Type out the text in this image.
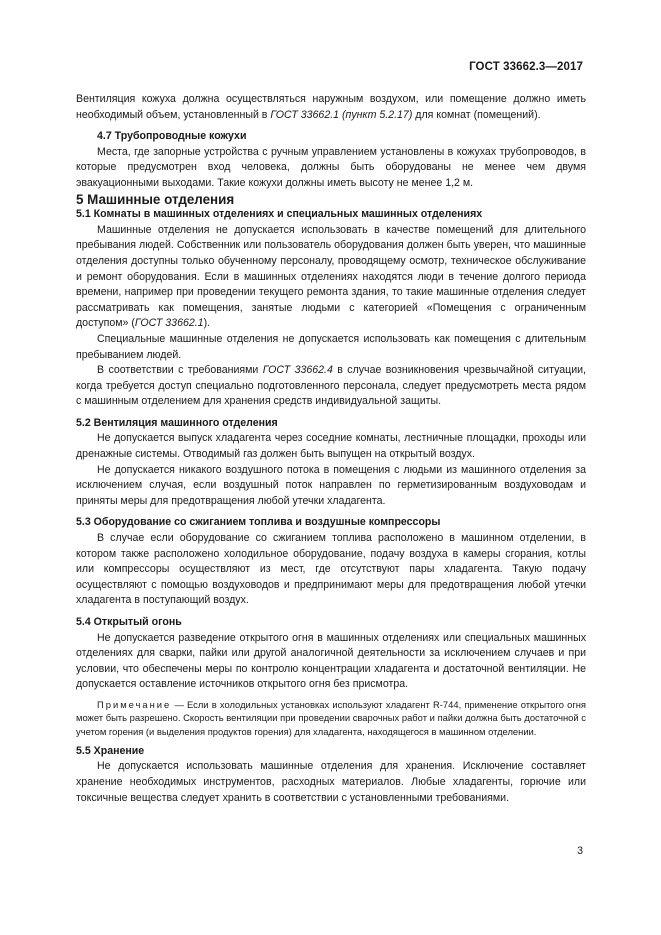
ГОСТ 33662.3—2017

Вентиляция кожуха должна осуществляться наружным воздухом, или помещение должно иметь необходимый объем, установленный в ГОСТ 33662.1 (пункт 5.2.17) для комнат (помещений).

4.7 Трубопроводные кожухи

Места, где запорные устройства с ручным управлением установлены в кожухах трубопроводов, в которые предусмотрен вход человека, должны быть оборудованы не менее чем двумя эвакуационными выходами. Такие кожухи должны иметь высоту не менее 1,2 м.

5 Машинные отделения

5.1 Комнаты в машинных отделениях и специальных машинных отделениях

Машинные отделения не допускается использовать в качестве помещений для длительного пребывания людей. Собственник или пользователь оборудования должен быть уверен, что машинные отделения доступны только обученному персоналу, проводящему осмотр, техническое обслуживание и ремонт оборудования. Если в машинных отделениях находятся люди в течение долгого периода времени, например при проведении текущего ремонта здания, то такие машинные отделения следует рассматривать как помещения, занятые людьми с категорией «Помещения с ограниченным доступом» (ГОСТ 33662.1).

Специальные машинные отделения не допускается использовать как помещения с длительным пребыванием людей.

В соответствии с требованиями ГОСТ 33662.4 в случае возникновения чрезвычайной ситуации, когда требуется доступ специально подготовленного персонала, следует предусмотреть места рядом с машинным отделением для хранения средств индивидуальной защиты.

5.2 Вентиляция машинного отделения

Не допускается выпуск хладагента через соседние комнаты, лестничные площадки, проходы или дренажные системы. Отводимый газ должен быть выпущен на открытый воздух.

Не допускается никакого воздушного потока в помещения с людьми из машинного отделения за исключением случая, если воздушный поток направлен по герметизированным воздуховодам и приняты меры для предотвращения любой утечки хладагента.

5.3 Оборудование со сжиганием топлива и воздушные компрессоры

В случае если оборудование со сжиганием топлива расположено в машинном отделении, в котором также расположено холодильное оборудование, подачу воздуха в камеры сгорания, котлы или компрессоры осуществляют из мест, где отсутствуют пары хладагента. Такую подачу осуществляют с помощью воздуховодов и предпринимают меры для предотвращения любой утечки хладагента в поступающий воздух.

5.4 Открытый огонь

Не допускается разведение открытого огня в машинных отделениях или специальных машинных отделениях для сварки, пайки или другой аналогичной деятельности за исключением случаев и при условии, что обеспечены меры по контролю концентрации хладагента и достаточной вентиляции. Не допускается оставление источников открытого огня без присмотра.

Примечание — Если в холодильных установках используют хладагент R-744, применение открытого огня может быть разрешено. Скорость вентиляции при проведении сварочных работ и пайки должна быть достаточной с учетом горения (и выделения продуктов горения) для хладагента, находящегося в машинном отделении.

5.5 Хранение

Не допускается использовать машинные отделения для хранения. Исключение составляет хранение необходимых инструментов, расходных материалов. Любые хладагенты, горючие или токсичные вещества следует хранить в соответствии с установленными требованиями.

3
